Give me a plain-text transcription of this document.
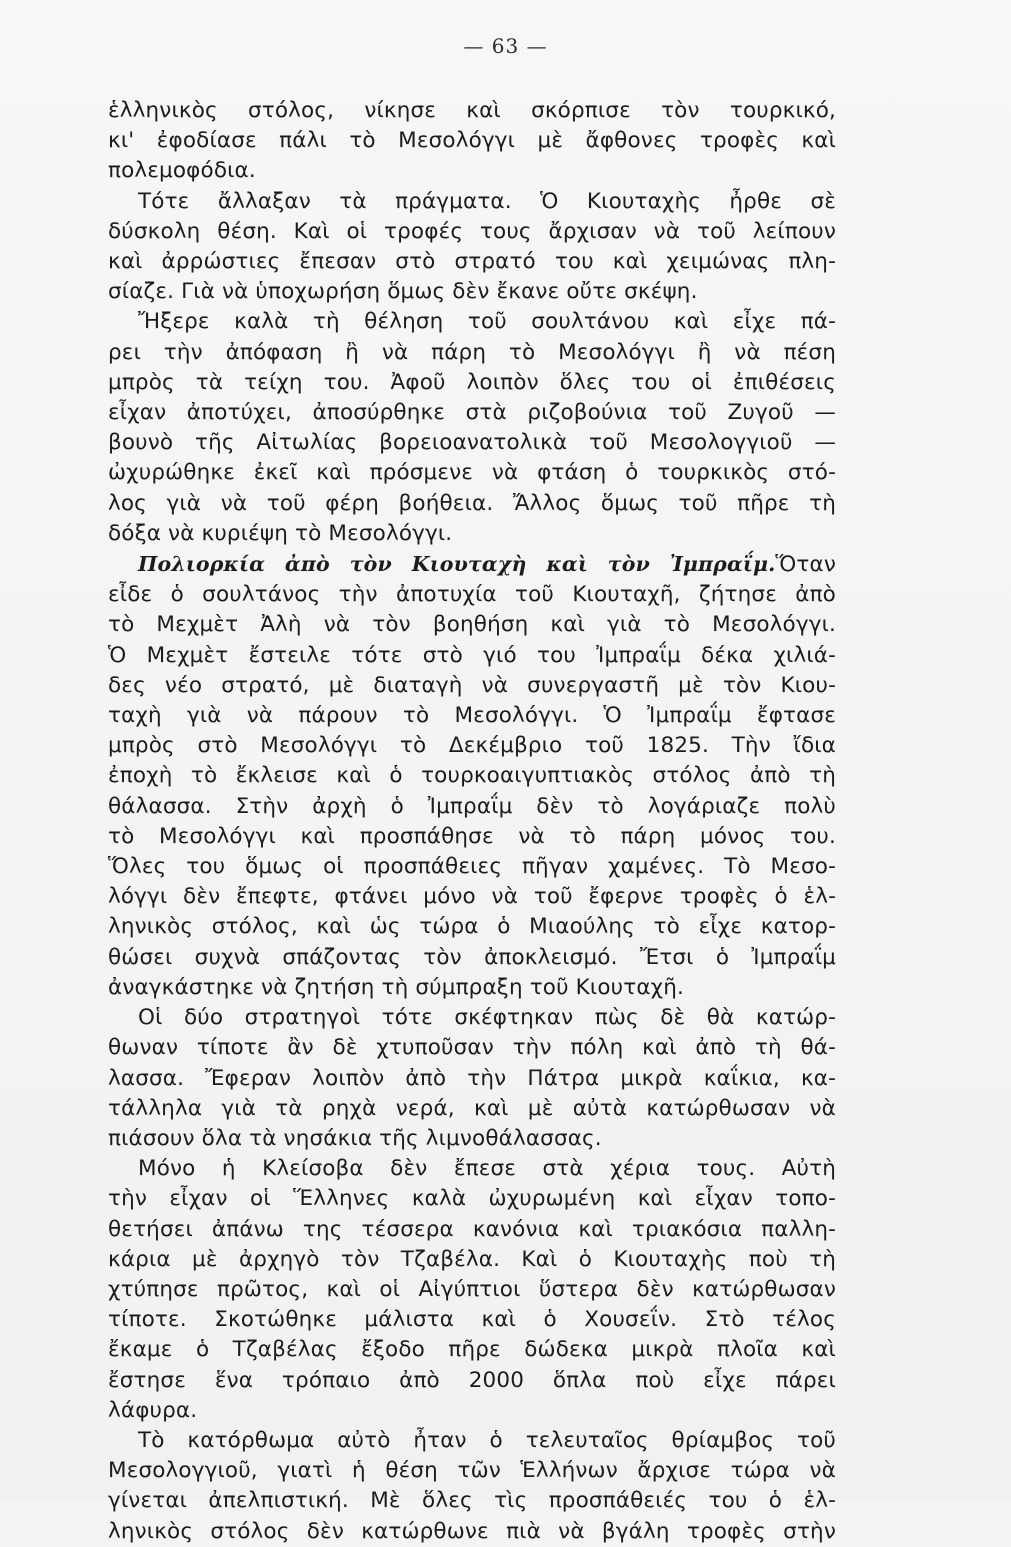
— 63 —
ἑλληνικὸς στόλος, νίκησε καὶ σκόρπισε τὸν τουρκικό,
κι' ἐφοδίασε πάλι τὸ Μεσολόγγι μὲ ἄφθονες τροφὲς καὶ
πολεμοφόδια.
Τότε ἄλλαξαν τὰ πράγματα. Ὁ Κιουταχὴς ἦρθε σὲ
δύσκολη θέση. Καὶ οἱ τροφές τους ἄρχισαν νὰ τοῦ λείπουν
καὶ ἀρρώστιες ἔπεσαν στὸ στρατό του καὶ χειμώνας πλη-
σίαζε. Γιὰ νὰ ὑποχωρήση ὅμως δὲν ἔκανε οὔτε σκέψη.
Ἤξερε καλὰ τὴ θέληση τοῦ σουλτάνου καὶ εἶχε πά-
ρει τὴν ἀπόφαση ἢ νὰ πάρη τὸ Μεσολόγγι ἢ νὰ πέση
μπρὸς τὰ τείχη του. Ἀφοῦ λοιπὸν ὅλες του οἱ ἐπιθέσεις
εἶχαν ἀποτύχει, ἀποσύρθηκε στὰ ριζοβούνια τοῦ Ζυγοῦ —
βουνὸ τῆς Αἰτωλίας βορειοανατολικὰ τοῦ Μεσολογγιοῦ —
ὠχυρώθηκε ἐκεῖ καὶ πρόσμενε νὰ φτάση ὁ τουρκικὸς στό-
λος γιὰ νὰ τοῦ φέρη βοήθεια. Ἄλλος ὅμως τοῦ πῆρε τὴ
δόξα νὰ κυριέψη τὸ Μεσολόγγι.
Πολιορκία ἀπὸ τὸν Κιουταχὴ καὶ τὸν Ἰμπραΐμ.Ὅταν
εἶδε ὁ σουλτάνος τὴν ἀποτυχία τοῦ Κιουταχῆ, ζήτησε ἀπὸ
τὸ Μεχμὲτ Ἀλὴ νὰ τὸν βοηθήση καὶ γιὰ τὸ Μεσολόγγι.
Ὁ Μεχμὲτ ἔστειλε τότε στὸ γιό του Ἰμπραΐμ δέκα χιλιά-
δες νέο στρατό, μὲ διαταγὴ νὰ συνεργαστῆ μὲ τὸν Κιου-
ταχὴ γιὰ νὰ πάρουν τὸ Μεσολόγγι. Ὁ Ἰμπραΐμ ἔφτασε
μπρὸς στὸ Μεσολόγγι τὸ Δεκέμβριο τοῦ 1825. Τὴν ἴδια
ἐποχὴ τὸ ἔκλεισε καὶ ὁ τουρκοαιγυπτιακὸς στόλος ἀπὸ τὴ
θάλασσα. Στὴν ἀρχὴ ὁ Ἰμπραΐμ δὲν τὸ λογάριαζε πολὺ
τὸ Μεσολόγγι καὶ προσπάθησε νὰ τὸ πάρη μόνος του.
Ὅλες του ὅμως οἱ προσπάθειες πῆγαν χαμένες. Τὸ Μεσο-
λόγγι δὲν ἔπεφτε, φτάνει μόνο νὰ τοῦ ἔφερνε τροφὲς ὁ ἑλ-
ληνικὸς στόλος, καὶ ὡς τώρα ὁ Μιαούλης τὸ εἶχε κατορ-
θώσει συχνὰ σπάζοντας τὸν ἀποκλεισμό. Ἔτσι ὁ Ἰμπραΐμ
ἀναγκάστηκε νὰ ζητήση τὴ σύμπραξη τοῦ Κιουταχῆ.
Οἱ δύο στρατηγοὶ τότε σκέφτηκαν πὼς δὲ θὰ κατώρ-
θωναν τίποτε ἂν δὲ χτυποῦσαν τὴν πόλη καὶ ἀπὸ τὴ θά-
λασσα. Ἔφεραν λοιπὸν ἀπὸ τὴν Πάτρα μικρὰ καΐκια, κα-
τάλληλα γιὰ τὰ ρηχὰ νερά, καὶ μὲ αὐτὰ κατώρθωσαν νὰ
πιάσουν ὅλα τὰ νησάκια τῆς λιμνοθάλασσας.
Μόνο ἡ Κλείσοβα δὲν ἔπεσε στὰ χέρια τους. Αὐτὴ
τὴν εἶχαν οἱ Ἕλληνες καλὰ ὠχυρωμένη καὶ εἶχαν τοπο-
θετήσει ἀπάνω της τέσσερα κανόνια καὶ τριακόσια παλλη-
κάρια μὲ ἀρχηγὸ τὸν Τζαβέλα. Καὶ ὁ Κιουταχὴς ποὺ τὴ
χτύπησε πρῶτος, καὶ οἱ Αἰγύπτιοι ὕστερα δὲν κατώρθωσαν
τίποτε. Σκοτώθηκε μάλιστα καὶ ὁ Χουσεΐν. Στὸ τέλος
ἔκαμε ὁ Τζαβέλας ἔξοδο πῆρε δώδεκα μικρὰ πλοῖα καὶ
ἔστησε ἕνα τρόπαιο ἀπὸ 2000 ὅπλα ποὺ εἶχε πάρει
λάφυρα.
Τὸ κατόρθωμα αὐτὸ ἦταν ὁ τελευταῖος θρίαμβος τοῦ
Μεσολογγιοῦ, γιατὶ ἡ θέση τῶν Ἑλλήνων ἄρχισε τώρα νὰ
γίνεται ἀπελπιστική. Μὲ ὅλες τὶς προσπάθειές του ὁ ἑλ-
ληνικὸς στόλος δὲν κατώρθωνε πιὰ νὰ βγάλη τροφὲς στὴν
